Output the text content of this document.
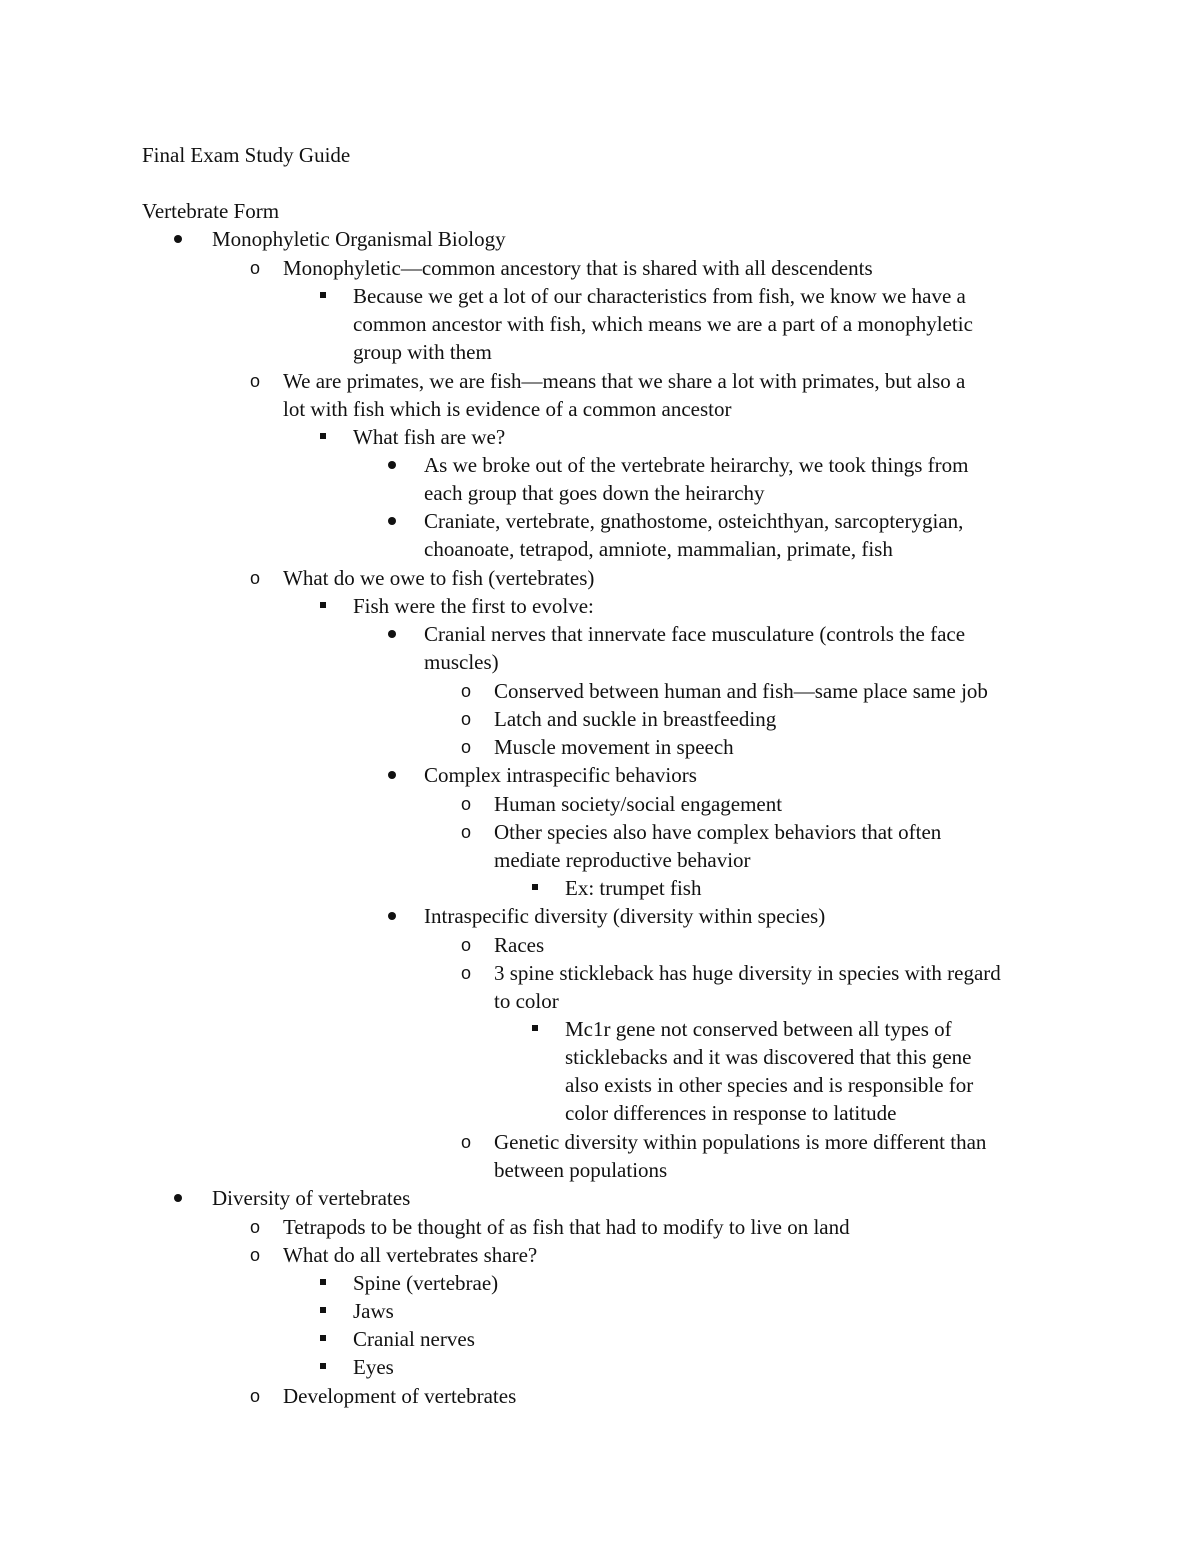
Final Exam Study Guide
Vertebrate Form
Monophyletic Organismal Biology
o Monophyletic—common ancestory that is shared with all descendents
Because we get a lot of our characteristics from fish, we know we have a
common ancestor with fish, which means we are a part of a monophyletic
group with them
o We are primates, we are fish—means that we share a lot with primates, but also a
lot with fish which is evidence of a common ancestor
What fish are we?
As we broke out of the vertebrate heirarchy, we took things from
each group that goes down the heirarchy
Craniate, vertebrate, gnathostome, osteichthyan, sarcopterygian,
choanoate, tetrapod, amniote, mammalian, primate, fish
o What do we owe to fish (vertebrates)
Fish were the first to evolve:
Cranial nerves that innervate face musculature (controls the face
muscles)
o Conserved between human and fish—same place same job
o Latch and suckle in breastfeeding
o Muscle movement in speech
Complex intraspecific behaviors
o Human society/social engagement
o Other species also have complex behaviors that often
mediate reproductive behavior
Ex: trumpet fish
Intraspecific diversity (diversity within species)
o Races
o 3 spine stickleback has huge diversity in species with regard
to color
Mc1r gene not conserved between all types of
sticklebacks and it was discovered that this gene
also exists in other species and is responsible for
color differences in response to latitude
o Genetic diversity within populations is more different than
between populations
Diversity of vertebrates
o Tetrapods to be thought of as fish that had to modify to live on land
o What do all vertebrates share?
Spine (vertebrae)
Jaws
Cranial nerves
Eyes
o Development of vertebrates
